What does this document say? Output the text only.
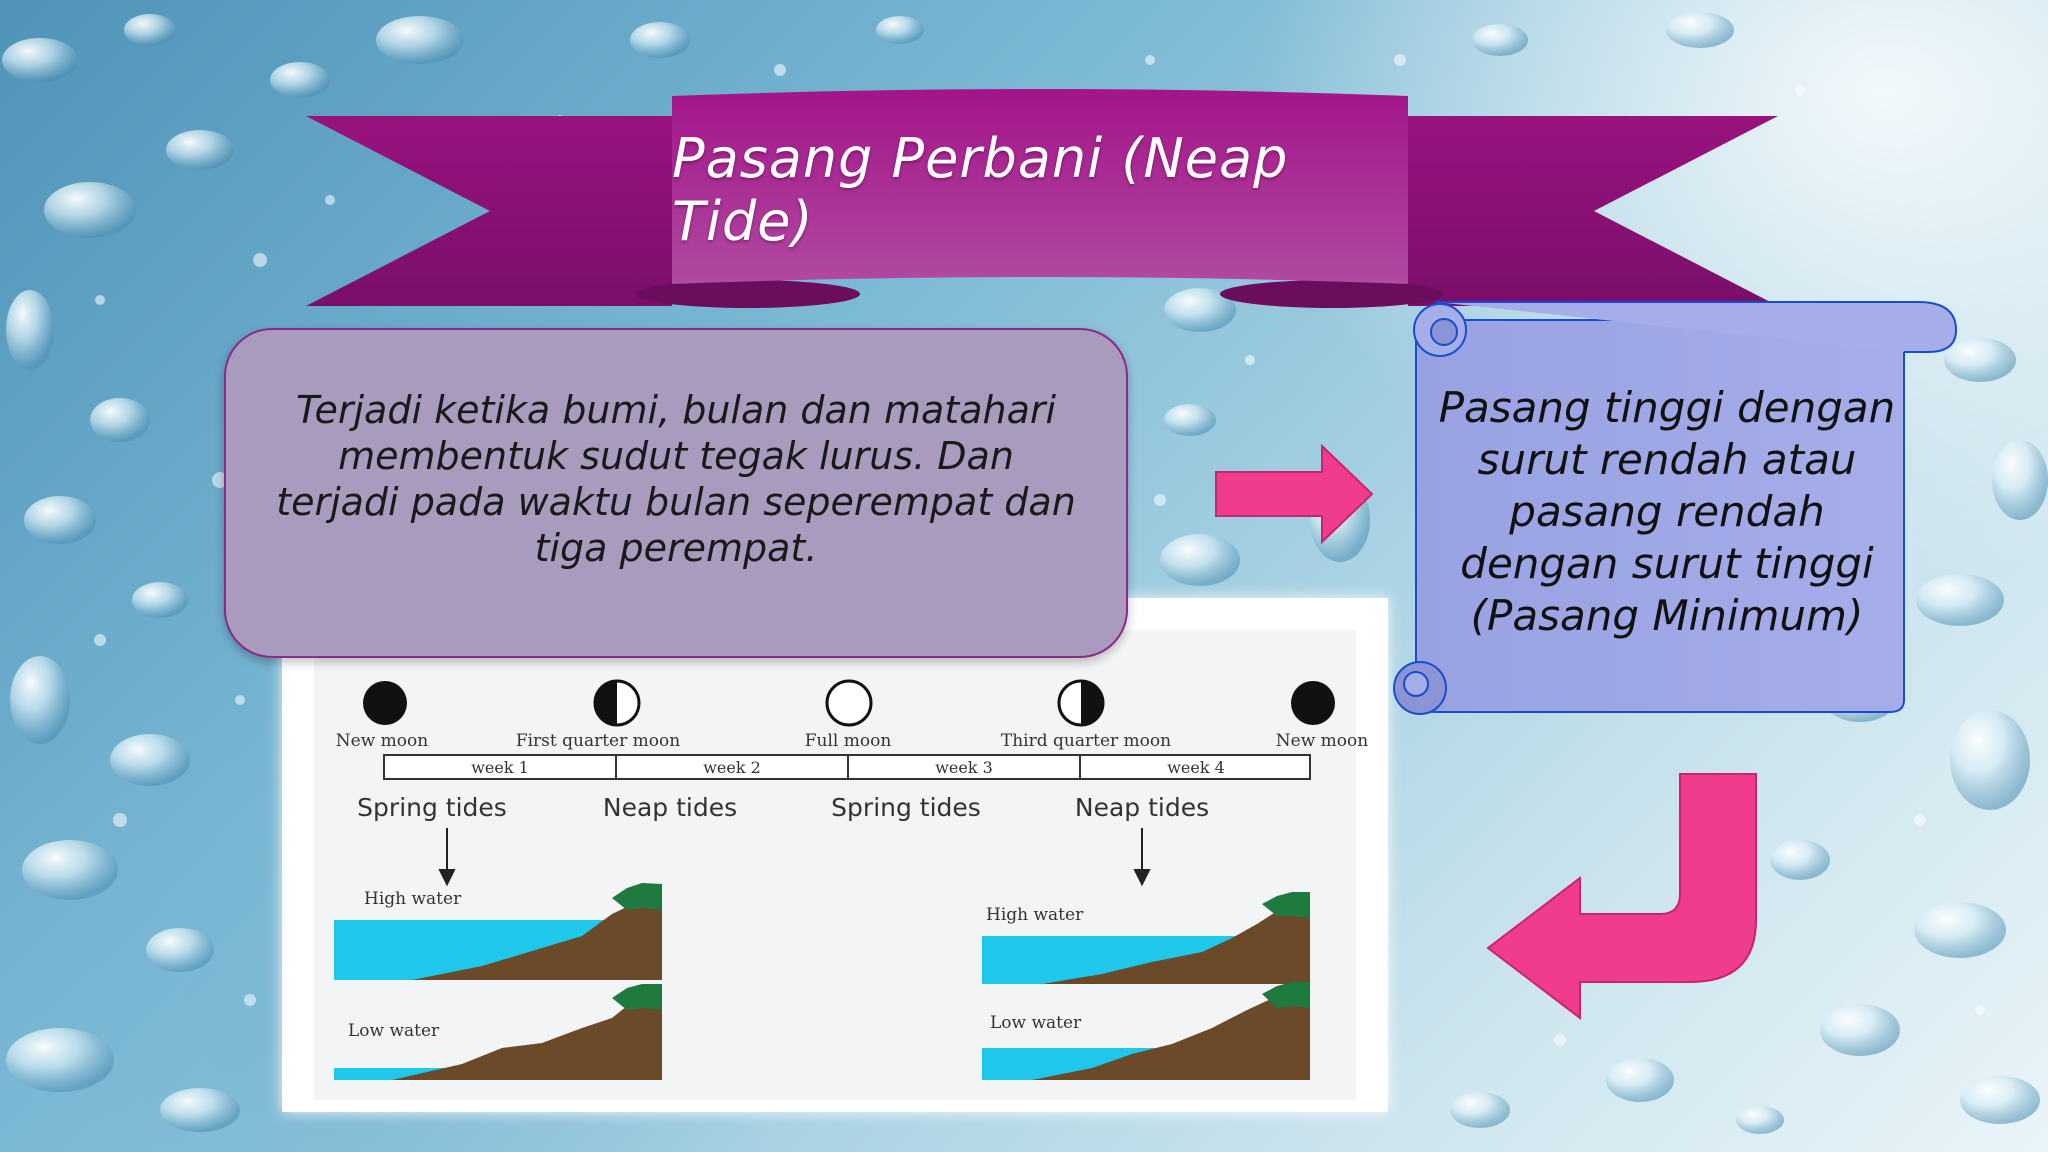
Pasang Perbani (Neap Tide)
Terjadi ketika bumi, bulan dan matahari membentuk sudut tegak lurus. Dan terjadi pada waktu bulan seperempat dan tiga perempat.
New moon	First quarter moon	Full moon	Third quarter moon	New moon
week 1	week 2	week 3	week 4
Spring tides	Neap tides	Spring tides	Neap tides
High water
Low water
High water
Low water
Pasang tinggi dengan surut rendah atau pasang rendah dengan surut tinggi (Pasang Minimum)
